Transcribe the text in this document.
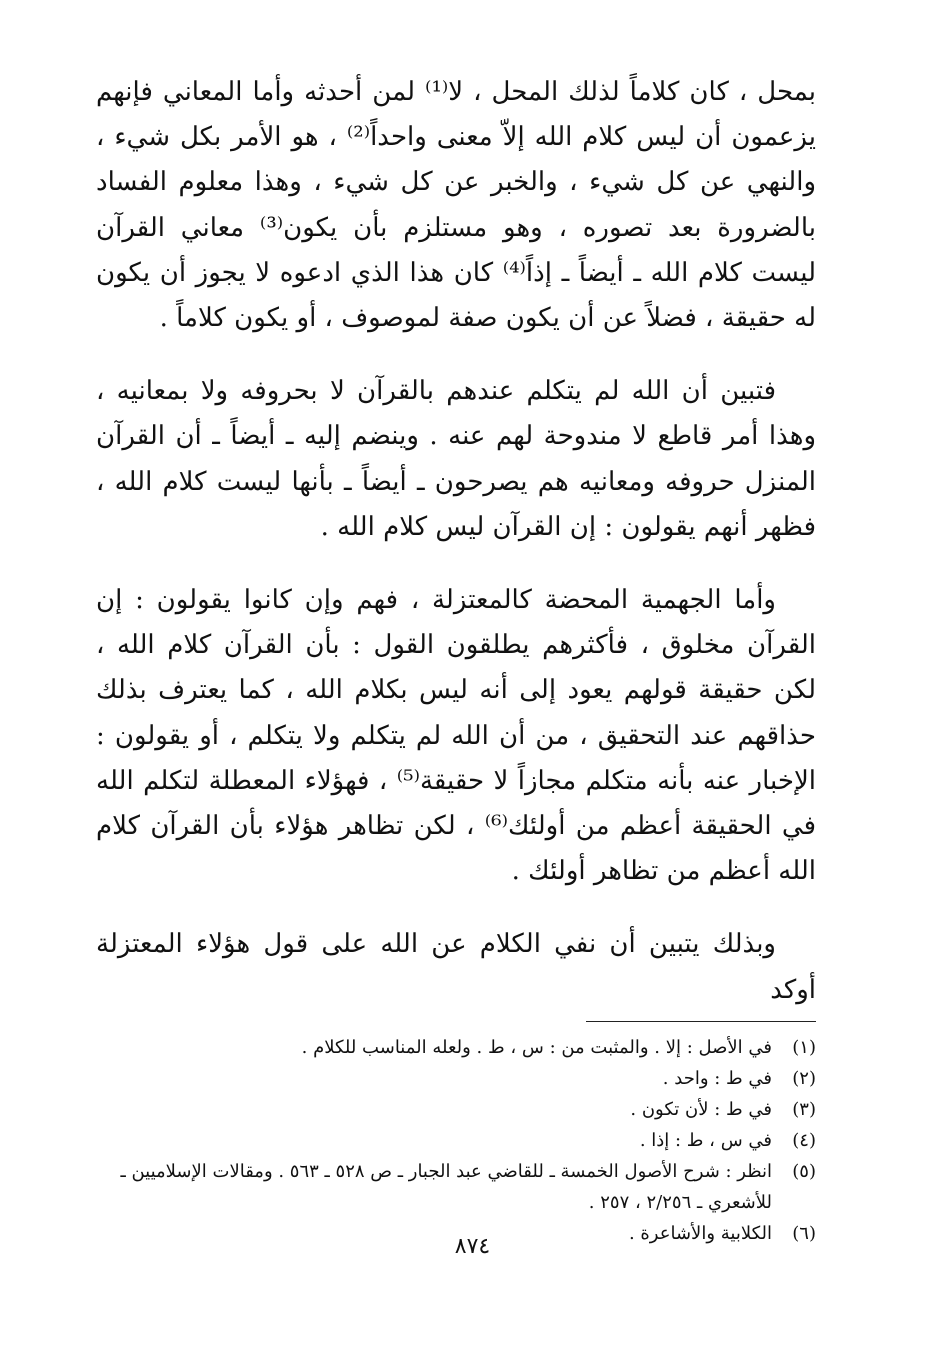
بمحل ، كان كلاماً لذلك المحل ، لا⁽¹⁾ لمن أحدثه وأما المعاني فإنهم يزعمون أن ليس كلام الله إلاّ معنى واحداً⁽²⁾ ، هو الأمر بكل شيء ، والنهي عن كل شيء ، والخبر عن كل شيء ، وهذا معلوم الفساد بالضرورة بعد تصوره ، وهو مستلزم بأن يكون⁽³⁾ معاني القرآن ليست كلام الله ـ أيضاً ـ إذاً⁽⁴⁾ كان هذا الذي ادعوه لا يجوز أن يكون له حقيقة ، فضلاً عن أن يكون صفة لموصوف ، أو يكون كلاماً .

فتبين أن الله لم يتكلم عندهم بالقرآن لا بحروفه ولا بمعانيه ، وهذا أمر قاطع لا مندوحة لهم عنه . وينضم إليه ـ أيضاً ـ أن القرآن المنزل حروفه ومعانيه هم يصرحون ـ أيضاً ـ بأنها ليست كلام الله ، فظهر أنهم يقولون : إن القرآن ليس كلام الله .

وأما الجهمية المحضة كالمعتزلة ، فهم وإن كانوا يقولون : إن القرآن مخلوق ، فأكثرهم يطلقون القول : بأن القرآن كلام الله ، لكن حقيقة قولهم يعود إلى أنه ليس بكلام الله ، كما يعترف بذلك حذاقهم عند التحقيق ، من أن الله لم يتكلم ولا يتكلم ، أو يقولون : الإخبار عنه بأنه متكلم مجازاً لا حقيقة⁽⁵⁾ ، فهؤلاء المعطلة لتكلم الله في الحقيقة أعظم من أولئك⁽⁶⁾ ، لكن تظاهر هؤلاء بأن القرآن كلام الله أعظم من تظاهر أولئك .

وبذلك يتبين أن نفي الكلام عن الله على قول هؤلاء المعتزلة أوكد

(١)
في الأصل : إلا . والمثبت من : س ، ط . ولعله المناسب للكلام .
(٢)
في ط : واحد .
(٣)
في ط : لأن تكون .
(٤)
في س ، ط : إذا .
(٥)
انظر : شرح الأصول الخمسة ـ للقاضي عبد الجبار ـ ص ٥٢٨ ـ ٥٦٣ . ومقالات الإسلاميين ـ للأشعري ـ ٢/٢٥٦ ، ٢٥٧ .
(٦)
الكلابية والأشاعرة .
٨٧٤
